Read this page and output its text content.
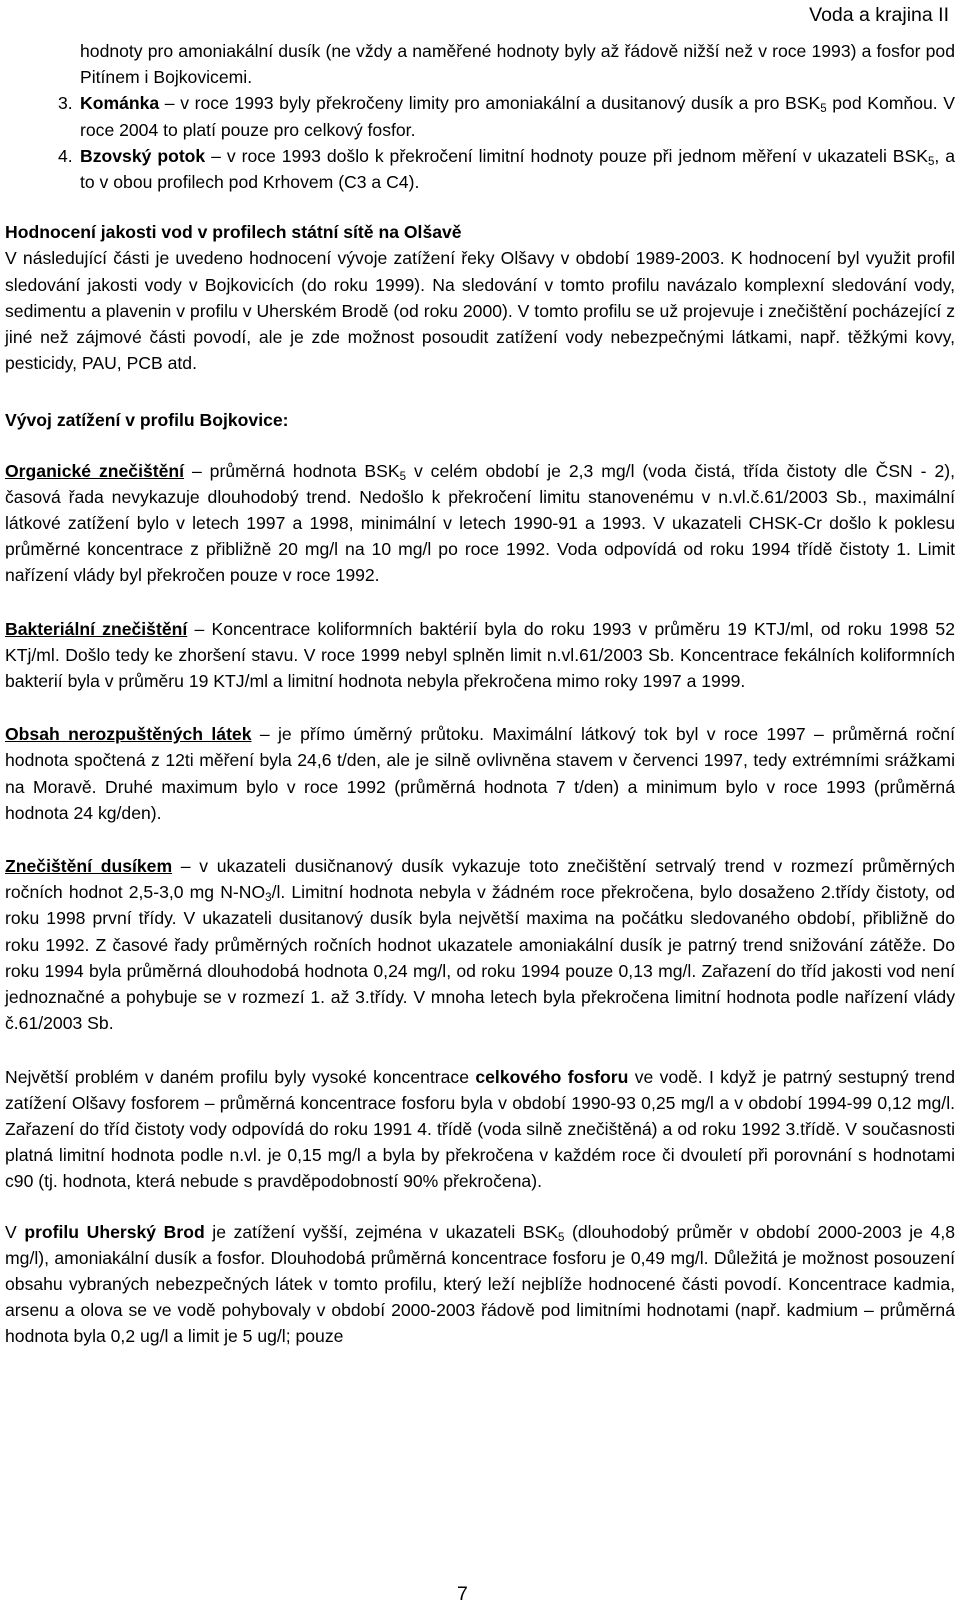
Voda a krajina II
hodnoty pro amoniakální dusík (ne vždy a naměřené hodnoty byly až řádově nižší než v roce 1993) a fosfor pod Pitínem i Bojkovicemi.
3. Kománka – v roce 1993 byly překročeny limity pro amoniakální a dusitanový dusík a pro $BSK_5$ pod Komňou. V roce 2004 to platí pouze pro celkový fosfor.
4. Bzovský potok – v roce 1993 došlo k překročení limitní hodnoty pouze při jednom měření v ukazateli $BSK_5$, a to v obou profilech pod Krhovem (C3 a C4).

Hodnocení jakosti vod v profilech státní sítě na Olšavě

V následující části je uvedeno hodnocení vývoje zatížení řeky Olšavy v období 1989-2003. K hodnocení byl využit profil sledování jakosti vody v Bojkovicích (do roku 1999). Na sledování v tomto profilu navázalo komplexní sledování vody, sedimentu a plavenin v profilu v Uherském Brodě (od roku 2000). V tomto profilu se už projevuje i znečištění pocházející z jiné než zájmové části povodí, ale je zde možnost posoudit zatížení vody nebezpečnými látkami, např. těžkými kovy, pesticidy, PAU, PCB atd.

Vývoj zatížení v profilu Bojkovice:

Organické znečištění – průměrná hodnota $BSK_5$ v celém období je 2,3 mg/l (voda čistá, třída čistoty dle ČSN - 2), časová řada nevykazuje dlouhodobý trend. Nedošlo k překročení limitu stanovenému v n.vl.č.61/2003 Sb., maximální látkové zatížení bylo v letech 1997 a 1998, minimální v letech 1990-91 a 1993. V ukazateli CHSK-Cr došlo k poklesu průměrné koncentrace z přibližně 20 mg/l na 10 mg/l po roce 1992. Voda odpovídá od roku 1994 třídě čistoty 1. Limit nařízení vlády byl překročen pouze v roce 1992.

Bakteriální znečištění – Koncentrace koliformních baktérií byla do roku 1993 v průměru 19 KTJ/ml, od roku 1998 52 KTj/ml. Došlo tedy ke zhoršení stavu. V roce 1999 nebyl splněn limit n.vl.61/2003 Sb. Koncentrace fekálních koliformních bakterií byla v průměru 19 KTJ/ml a limitní hodnota nebyla překročena mimo roky 1997 a 1999.

Obsah nerozpuštěných látek – je přímo úměrný průtoku. Maximální látkový tok byl v roce 1997 – průměrná roční hodnota spočtená z 12ti měření byla 24,6 t/den, ale je silně ovlivněna stavem v červenci 1997, tedy extrémními srážkami na Moravě. Druhé maximum bylo v roce 1992 (průměrná hodnota 7 t/den) a minimum bylo v roce 1993 (průměrná hodnota 24 kg/den).

Znečištění dusíkem – v ukazateli dusičnanový dusík vykazuje toto znečištění setrvalý trend v rozmezí průměrných ročních hodnot 2,5-3,0 mg $N-NO_3/l$. Limitní hodnota nebyla v žádném roce překročena, bylo dosaženo 2.třídy čistoty, od roku 1998 první třídy. V ukazateli dusitanový dusík byla největší maxima na počátku sledovaného období, přibližně do roku 1992. Z časové řady průměrných ročních hodnot ukazatele amoniakální dusík je patrný trend snižování zátěže. Do roku 1994 byla průměrná dlouhodobá hodnota 0,24 mg/l, od roku 1994 pouze 0,13 mg/l. Zařazení do tříd jakosti vod není jednoznačné a pohybuje se v rozmezí 1. až 3.třídy. V mnoha letech byla překročena limitní hodnota podle nařízení vlády č.61/2003 Sb.

Největší problém v daném profilu byly vysoké koncentrace celkového fosforu ve vodě. I když je patrný sestupný trend zatížení Olšavy fosforem – průměrná koncentrace fosforu byla v období 1990-93 0,25 mg/l a v období 1994-99 0,12 mg/l. Zařazení do tříd čistoty vody odpovídá do roku 1991 4. třídě (voda silně znečištěná) a od roku 1992 3.třídě. V současnosti platná limitní hodnota podle n.vl. je 0,15 mg/l a byla by překročena v každém roce či dvouletí při porovnání s hodnotami c90 (tj. hodnota, která nebude s pravděpodobností 90% překročena).

V profilu Uherský Brod je zatížení vyšší, zejména v ukazateli $BSK_5$ (dlouhodobý průměr v období 2000-2003 je 4,8 mg/l), amoniakální dusík a fosfor. Dlouhodobá průměrná koncentrace fosforu je 0,49 mg/l. Důležitá je možnost posouzení obsahu vybraných nebezpečných látek v tomto profilu, který leží nejblíže hodnocené části povodí. Koncentrace kadmia, arsenu a olova se ve vodě pohybovaly v období 2000-2003 řádově pod limitními hodnotami (např. kadmium – průměrná hodnota byla 0,2 ug/l a limit je 5 ug/l; pouze

7
